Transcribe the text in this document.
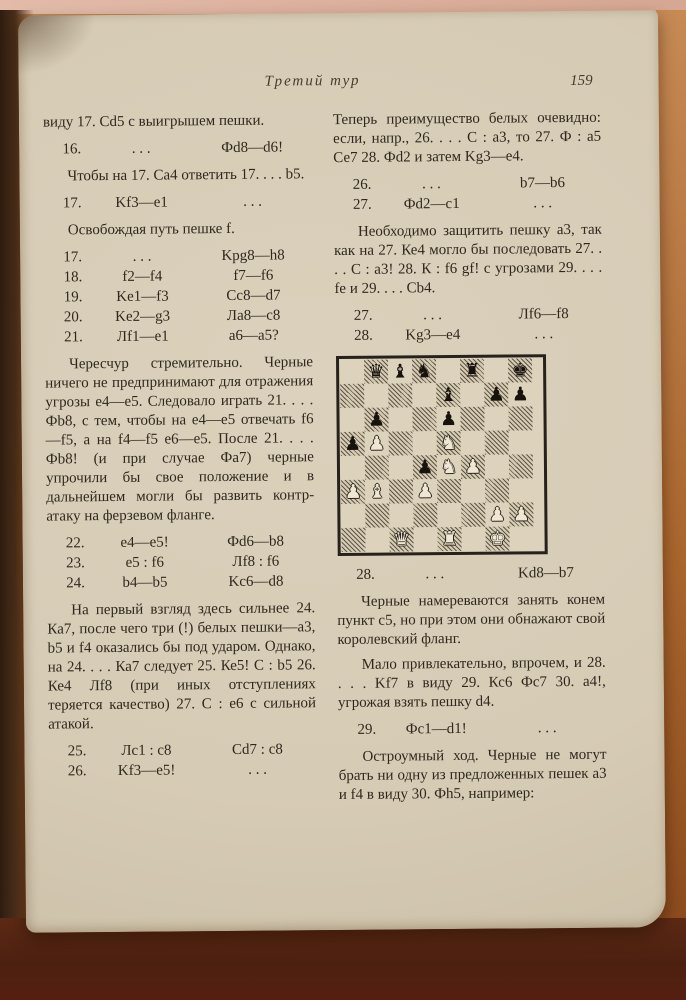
Третий тур	159

виду 17. Cd5 с выигрышем пешки.

16.	. . .	Фd8—d6!

Чтобы на 17. Са4 ответить 17. . . . b5.

17.	Kf3—e1	. . .

Освобождая путь пешке f.

17.	. . .	Kpg8—h8
18.	f2—f4	f7—f6
19.	Ke1—f3	Cc8—d7
20.	Ke2—g3	Ла8—c8
21.	Лf1—e1	a6—a5?

Чересчур стремительно. Черные ничего не предпринимают для отражения угрозы е4—е5. Следовало играть 21. . . . Фb8, с тем, чтобы на е4—е5 отвечать f6—f5, а на f4—f5 е6—е5. После 21. . . . Фb8! (и при случае Фа7) черные упрочили бы свое положение и в дальнейшем могли бы развить контр-атаку на ферзевом фланге.

22.	e4—e5!	Фd6—b8
23.	e5 : f6	Лf8 : f6
24.	b4—b5	Kc6—d8

На первый взгляд здесь сильнее 24. Ка7, после чего три (!) белых пешки—а3, b5 и f4 оказались бы под ударом. Однако, на 24. . . . Ка7 следует 25. Ке5! С : b5 26. Ке4 Лf8 (при иных отступлениях теряется качество) 27. С : е6 с сильной атакой.

25.	Лс1 : с8	Cd7 : c8
26.	Kf3—e5!	. . .

Теперь преимущество белых очевидно: если, напр., 26. . . . С : а3, то 27. Ф : а5 Се7 28. Фd2 и затем Kg3—е4.

26.	. . .	b7—b6
27.	Фd2—c1	. . .

Необходимо защитить пешку а3, так как на 27. Ке4 могло бы последовать 27. . . . С : а3! 28. К : f6 gf! с угрозами 29. . . . fe и 29. . . . Cb4.

27.	. . .	Лf6—f8
28.	Kg3—e4	. . .
♛ ♝ ♞ ♜ ♚
♝ ♟ ♟
♟	♟
♟ ♟	♞
♟ ♞ ♟
♟ ♝ ♟
♟ ♟
♛ ♜ ♚
28.	. . .	Kd8—b7

Черные намереваются занять конем пункт с5, но при этом они обнажают свой королевский фланг.

Мало привлекательно, впрочем, и 28. . . . Kf7 в виду 29. Кс6 Фс7 30. а4!, угрожая взять пешку d4.

29.	Фc1—d1!	. . .

Остроумный ход. Черные не могут брать ни одну из предложенных пешек а3 и f4 в виду 30. Фh5, например:
